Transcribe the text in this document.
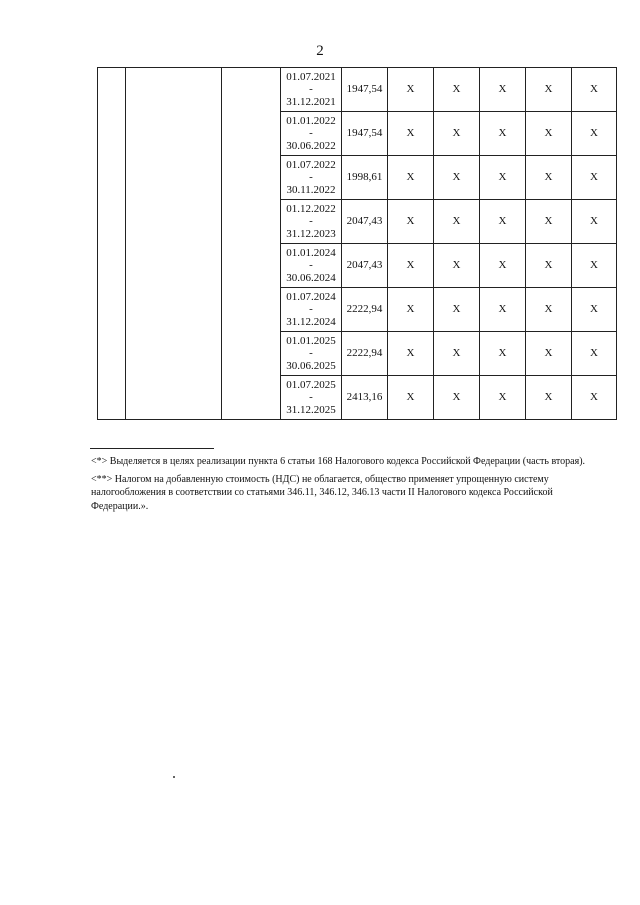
2

			01.07.2021
-
31.12.2021	1947,54	X	X	X	X	X

			01.01.2022
-
30.06.2022	1947,54	X	X	X	X	X

			01.07.2022
-
30.11.2022	1998,61	X	X	X	X	X

			01.12.2022
-
31.12.2023	2047,43	X	X	X	X	X

			01.01.2024
-
30.06.2024	2047,43	X	X	X	X	X

			01.07.2024
-
31.12.2024	2222,94	X	X	X	X	X

			01.01.2025
-
30.06.2025	2222,94	X	X	X	X	X

			01.07.2025
-
31.12.2025	2413,16	X	X	X	X	X

<*> Выделяется в целях реализации пункта 6 статьи 168 Налогового кодекса Российской Федерации (часть вторая).

<**> Налогом на добавленную стоимость (НДС) не облагается, общество применяет упрощенную систему налогообложения в соответствии со статьями 346.11, 346.12, 346.13 части II Налогового кодекса Российской Федерации.».
